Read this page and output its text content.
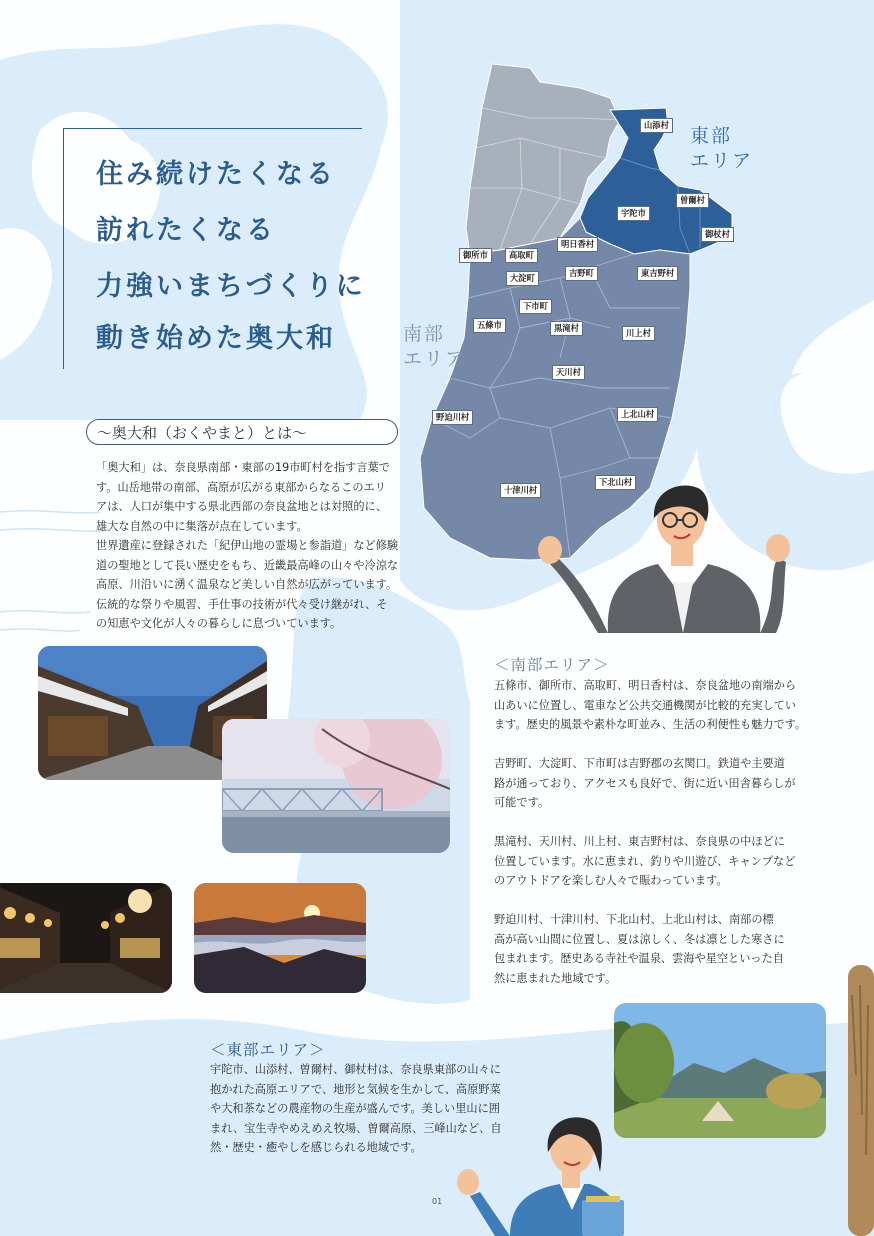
住み続けたくなる
訪れたくなる
力強いまちづくりに
動き始めた奥大和
山添村
宇陀市
曽爾村
御杖村
御所市	高取町
明日香村
大淀町	吉野町	東吉野村
下市町
五條市	黒滝村	川上村
天川村
野迫川村	上北山村
十津川村
下北山村
東部
エリア
南部
エリア
～奥大和（おくやまと）とは～
「奥大和」は、奈良県南部・東部の19市町村を指す言葉で
す。山岳地帯の南部、高原が広がる東部からなるこのエリ
アは、人口が集中する県北西部の奈良盆地とは対照的に、
雄大な自然の中に集落が点在しています。
世界遺産に登録された「紀伊山地の霊場と参詣道」など修験
道の聖地として長い歴史をもち、近畿最高峰の山々や冷涼な
高原、川沿いに湧く温泉など美しい自然が広がっています。
伝統的な祭りや風習、手仕事の技術が代々受け継がれ、そ
の知恵や文化が人々の暮らしに息づいています。
＜南部エリア＞
五條市、御所市、高取町、明日香村は、奈良盆地の南端から
山あいに位置し、電車など公共交通機関が比較的充実してい
ます。歴史的風景や素朴な町並み、生活の利便性も魅力です。
吉野町、大淀町、下市町は吉野郡の玄関口。鉄道や主要道
路が通っており、アクセスも良好で、街に近い田舎暮らしが
可能です。
黒滝村、天川村、川上村、東吉野村は、奈良県の中ほどに
位置しています。水に恵まれ、釣りや川遊び、キャンプなど
のアウトドアを楽しむ人々で賑わっています。
野迫川村、十津川村、下北山村、上北山村は、南部の標
高が高い山間に位置し、夏は涼しく、冬は凛とした寒さに
包まれます。歴史ある寺社や温泉、雲海や星空といった自
然に恵まれた地域です。
＜東部エリア＞
宇陀市、山添村、曽爾村、御杖村は、奈良県東部の山々に
抱かれた高原エリアで、地形と気候を生かして、高原野菜
や大和茶などの農産物の生産が盛んです。美しい里山に囲
まれ、宝生寺やめえめえ牧場、曽爾高原、三峰山など、自
然・歴史・癒やしを感じられる地域です。
01
